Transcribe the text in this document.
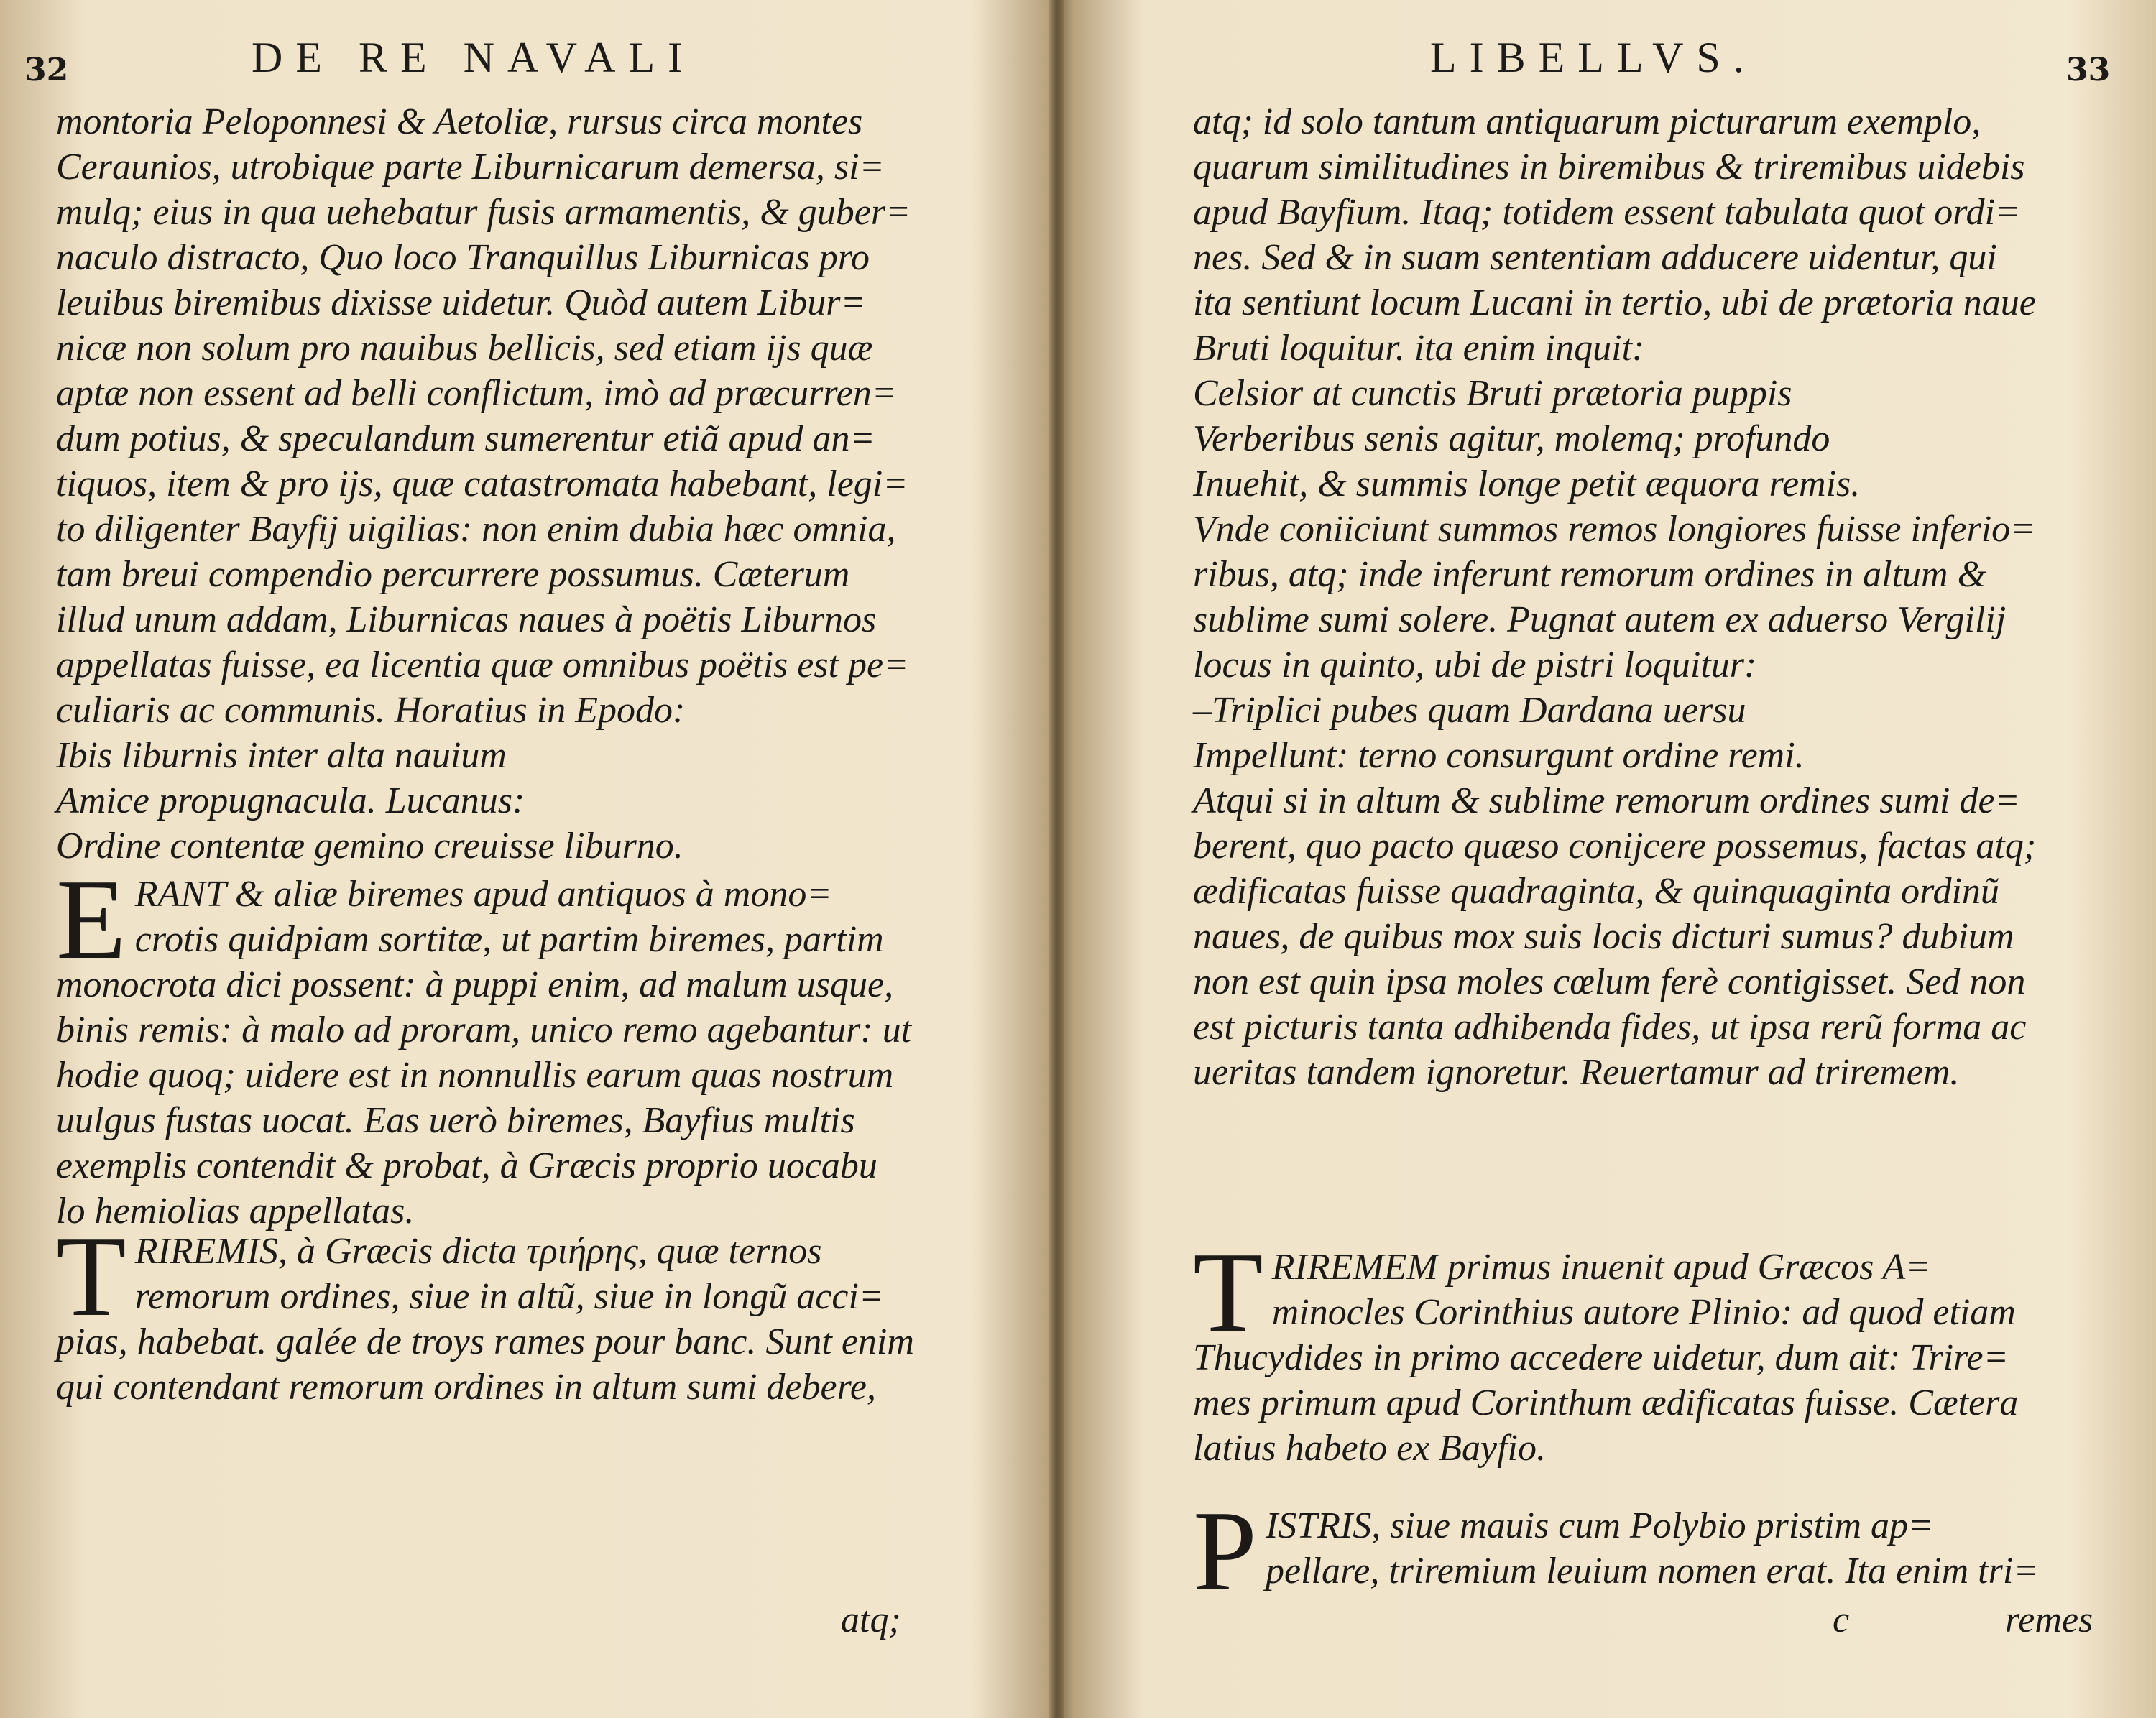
32	DE RE NAVALI
montoria Peloponnesi & Aetoliæ, rursus circa montes
Ceraunios, utrobique parte Liburnicarum demersa, si=
mulq; eius in qua uehebatur fusis armamentis, & guber=
naculo distracto, Quo loco Tranquillus Liburnicas pro
leuibus biremibus dixisse uidetur. Quòd autem Libur=
nicæ non solum pro nauibus bellicis, sed etiam ijs quæ
aptæ non essent ad belli conflictum, imò ad præcurren=
dum potius, & speculandum sumerentur etiã apud an=
tiquos, item & pro ijs, quæ catastromata habebant, legi=
to diligenter Bayfij uigilias: non enim dubia hæc omnia,
tam breui compendio percurrere possumus. Cæterum
illud unum addam, Liburnicas naues à poëtis Liburnos
appellatas fuisse, ea licentia quæ omnibus poëtis est pe=
culiaris ac communis. Horatius in Epodo:
Ibis liburnis inter alta nauium
Amice propugnacula. Lucanus:
Ordine contentæ gemino creuisse liburno.
E RANT & aliæ biremes apud antiquos à mono=
crotis quidpiam sortitæ, ut partim biremes, partim
monocrota dici possent: à puppi enim, ad malum usque,
binis remis: à malo ad proram, unico remo agebantur: ut
hodie quoq; uidere est in nonnullis earum quas nostrum
uulgus fustas uocat. Eas uerò biremes, Bayfius multis
exemplis contendit & probat, à Græcis proprio uocabu
lo hemiolias appellatas.
T RIREMIS, à Græcis dicta τριήρης, quæ ternos
remorum ordines, siue in altũ, siue in longũ acci=
pias, habebat. galée de troys rames pour banc. Sunt enim
qui contendant remorum ordines in altum sumi debere,
atq;
LIBELLVS.	33
atq; id solo tantum antiquarum picturarum exemplo,
quarum similitudines in biremibus & triremibus uidebis
apud Bayfium. Itaq; totidem essent tabulata quot ordi=
nes. Sed & in suam sententiam adducere uidentur, qui
ita sentiunt locum Lucani in tertio, ubi de prætoria naue
Bruti loquitur. ita enim inquit:
Celsior at cunctis Bruti prætoria puppis
Verberibus senis agitur, molemq; profundo
Inuehit, & summis longe petit æquora remis.
Vnde coniiciunt summos remos longiores fuisse inferio=
ribus, atq; inde inferunt remorum ordines in altum &
sublime sumi solere. Pugnat autem ex aduerso Vergilij
locus in quinto, ubi de pistri loquitur:
–Triplici pubes quam Dardana uersu
Impellunt: terno consurgunt ordine remi.
Atqui si in altum & sublime remorum ordines sumi de=
berent, quo pacto quæso conijcere possemus, factas atq;
ædificatas fuisse quadraginta, & quinquaginta ordinũ
naues, de quibus mox suis locis dicturi sumus? dubium
non est quin ipsa moles cœlum ferè contigisset. Sed non
est picturis tanta adhibenda fides, ut ipsa rerũ forma ac
ueritas tandem ignoretur. Reuertamur ad triremem.
T RIREMEM primus inuenit apud Græcos A=
minocles Corinthius autore Plinio: ad quod etiam
Thucydides in primo accedere uidetur, dum ait: Trire=
mes primum apud Corinthum ædificatas fuisse. Cætera
latius habeto ex Bayfio.
P ISTRIS, siue mauis cum Polybio pristim ap=
pellare, triremium leuium nomen erat. Ita enim tri=
c	remes
